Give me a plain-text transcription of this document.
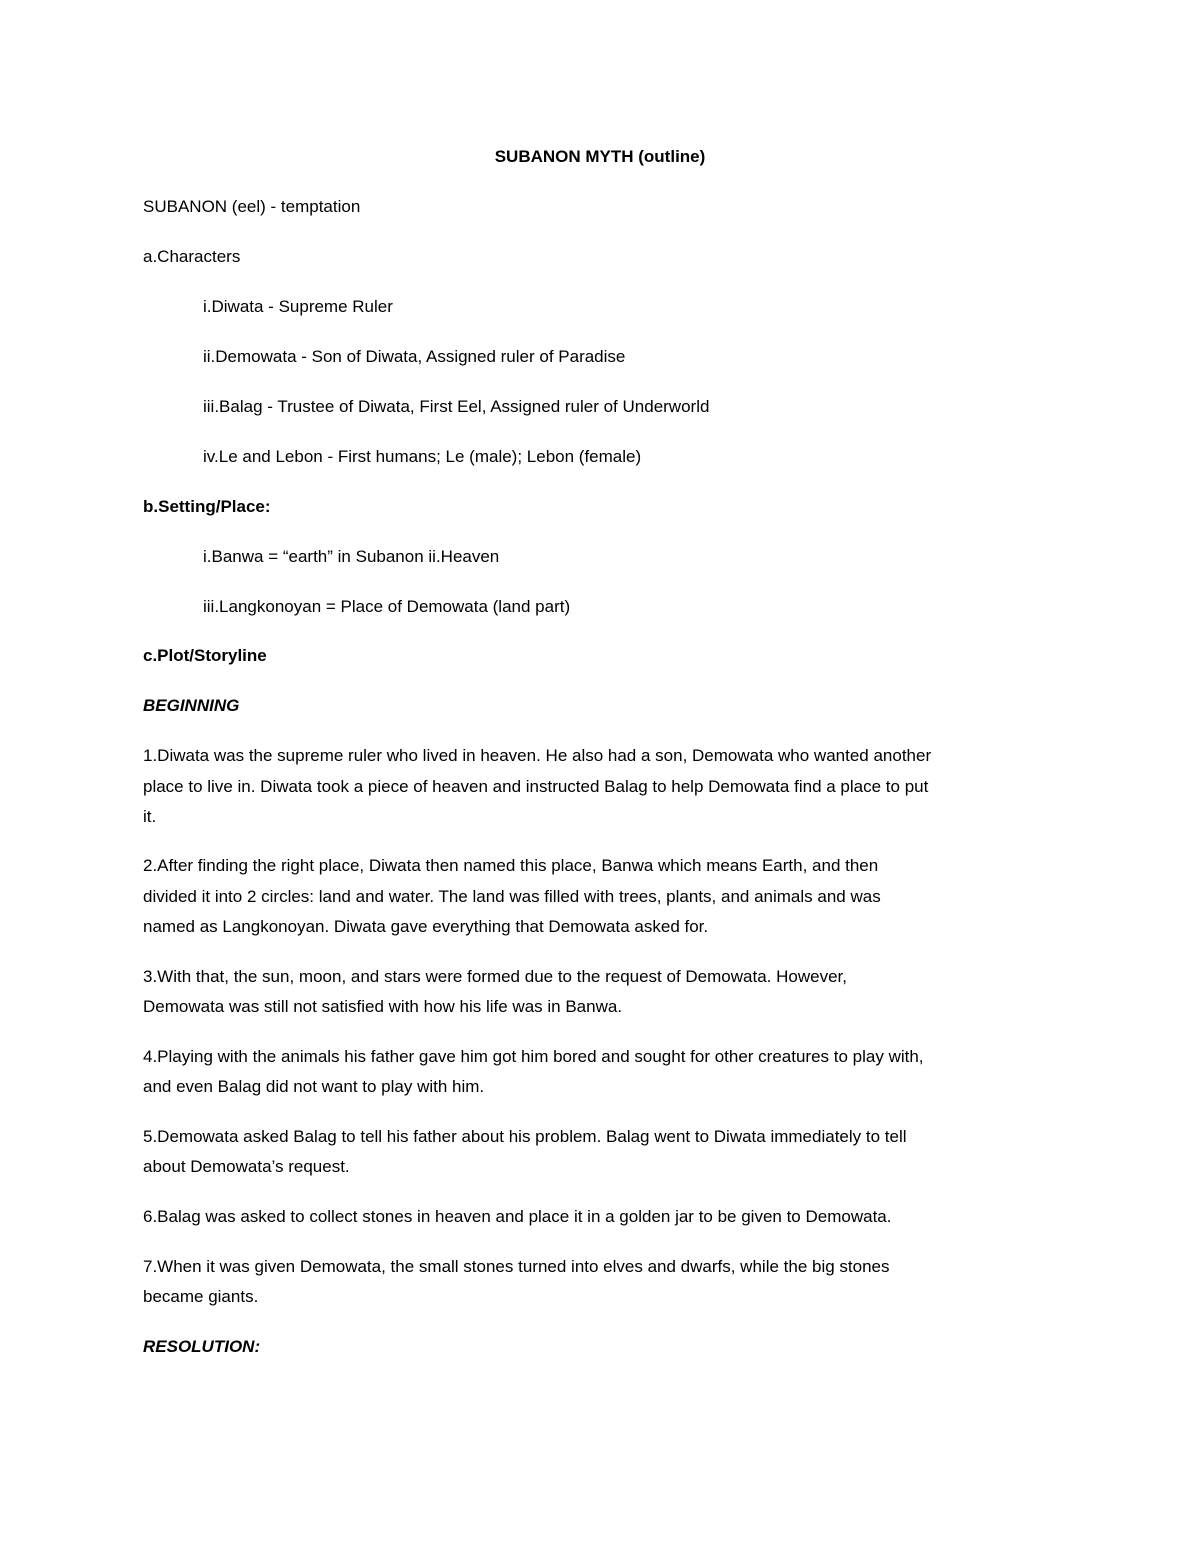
SUBANON MYTH (outline)

SUBANON (eel) - temptation

a.Characters

i.Diwata - Supreme Ruler

ii.Demowata - Son of Diwata, Assigned ruler of Paradise

iii.Balag - Trustee of Diwata, First Eel, Assigned ruler of Underworld

iv.Le and Lebon - First humans; Le (male); Lebon (female)

b.Setting/Place:

i.Banwa = “earth” in Subanon ii.Heaven

iii.Langkonoyan = Place of Demowata (land part)

c.Plot/Storyline

BEGINNING

1.Diwata was the supreme ruler who lived in heaven. He also had a son, Demowata who wanted another

place to live in. Diwata took a piece of heaven and instructed Balag to help Demowata find a place to put

it.

2.After finding the right place, Diwata then named this place, Banwa which means Earth, and then

divided it into 2 circles: land and water. The land was filled with trees, plants, and animals and was

named as Langkonoyan. Diwata gave everything that Demowata asked for.

3.With that, the sun, moon, and stars were formed due to the request of Demowata. However,

Demowata was still not satisfied with how his life was in Banwa.

4.Playing with the animals his father gave him got him bored and sought for other creatures to play with,

and even Balag did not want to play with him.

5.Demowata asked Balag to tell his father about his problem. Balag went to Diwata immediately to tell

about Demowata’s request.

6.Balag was asked to collect stones in heaven and place it in a golden jar to be given to Demowata.

7.When it was given Demowata, the small stones turned into elves and dwarfs, while the big stones

became giants.

RESOLUTION:
